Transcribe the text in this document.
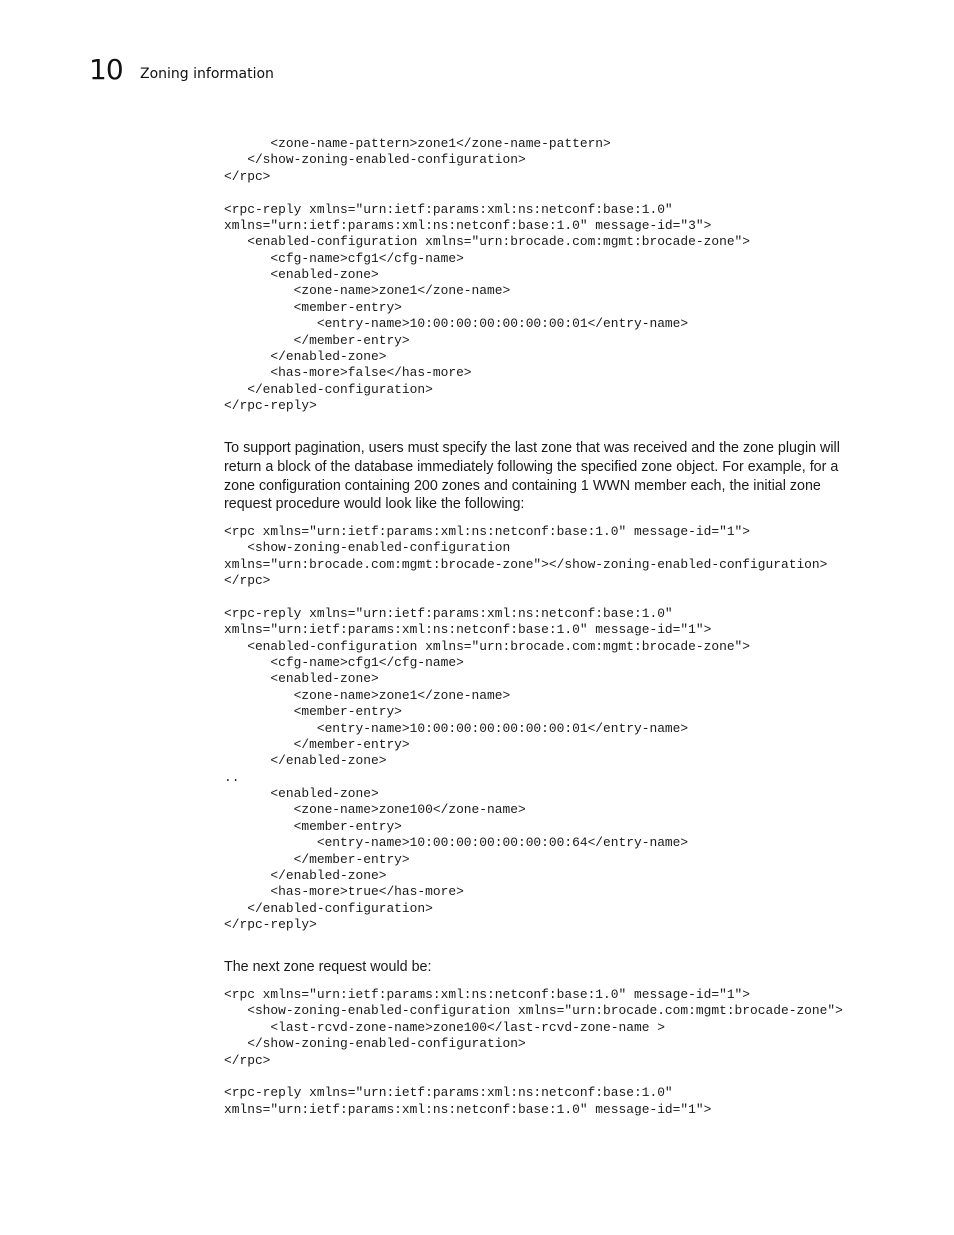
10 Zoning information
<zone-name-pattern>zone1</zone-name-pattern>
</show-zoning-enabled-configuration>
</rpc>

<rpc-reply xmlns="urn:ietf:params:xml:ns:netconf:base:1.0"
xmlns="urn:ietf:params:xml:ns:netconf:base:1.0" message-id="3">
<enabled-configuration xmlns="urn:brocade.com:mgmt:brocade-zone">
<cfg-name>cfg1</cfg-name>
<enabled-zone>
<zone-name>zone1</zone-name>
<member-entry>
<entry-name>10:00:00:00:00:00:00:01</entry-name>
</member-entry>
</enabled-zone>
<has-more>false</has-more>
</enabled-configuration>
</rpc-reply>
To support pagination, users must specify the last zone that was received and the zone plugin will
return a block of the database immediately following the specified zone object. For example, for a
zone configuration containing 200 zones and containing 1 WWN member each, the initial zone
request procedure would look like the following:
<rpc xmlns="urn:ietf:params:xml:ns:netconf:base:1.0" message-id="1">
<show-zoning-enabled-configuration
xmlns="urn:brocade.com:mgmt:brocade-zone"></show-zoning-enabled-configuration>
</rpc>

<rpc-reply xmlns="urn:ietf:params:xml:ns:netconf:base:1.0"
xmlns="urn:ietf:params:xml:ns:netconf:base:1.0" message-id="1">
<enabled-configuration xmlns="urn:brocade.com:mgmt:brocade-zone">
<cfg-name>cfg1</cfg-name>
<enabled-zone>
<zone-name>zone1</zone-name>
<member-entry>
<entry-name>10:00:00:00:00:00:00:01</entry-name>
</member-entry>
</enabled-zone>
..
<enabled-zone>
<zone-name>zone100</zone-name>
<member-entry>
<entry-name>10:00:00:00:00:00:00:64</entry-name>
</member-entry>
</enabled-zone>
<has-more>true</has-more>
</enabled-configuration>
</rpc-reply>
The next zone request would be:
<rpc xmlns="urn:ietf:params:xml:ns:netconf:base:1.0" message-id="1">
<show-zoning-enabled-configuration xmlns="urn:brocade.com:mgmt:brocade-zone">
<last-rcvd-zone-name>zone100</last-rcvd-zone-name >
</show-zoning-enabled-configuration>
</rpc>

<rpc-reply xmlns="urn:ietf:params:xml:ns:netconf:base:1.0"
xmlns="urn:ietf:params:xml:ns:netconf:base:1.0" message-id="1">
